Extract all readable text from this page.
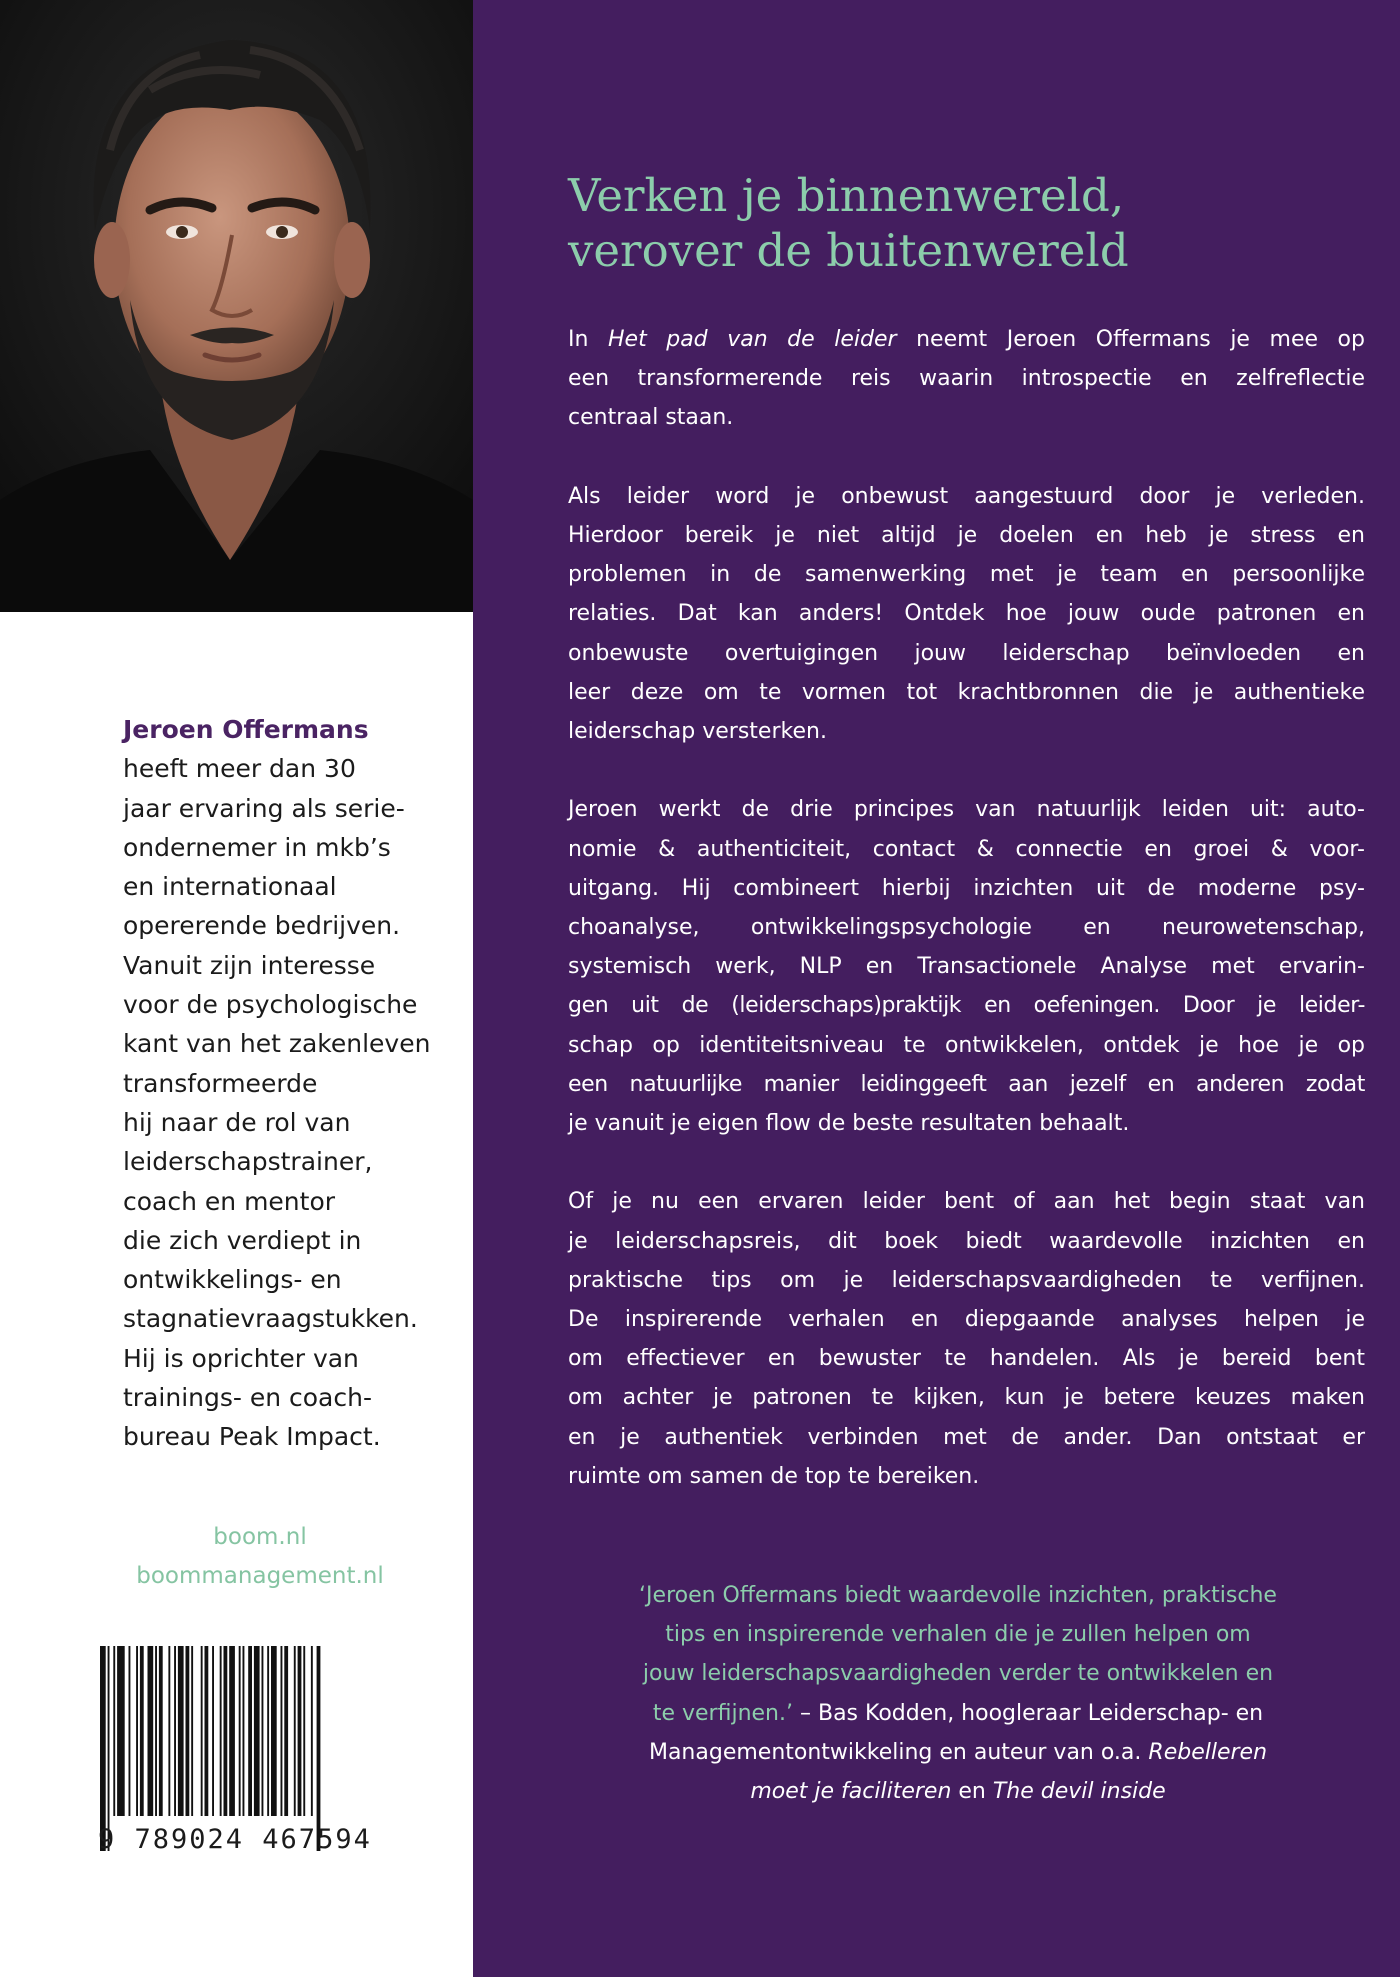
Jeroen Offermans
heeft meer dan 30
jaar ervaring als serie-
ondernemer in mkb’s
en internationaal
opererende bedrijven.
Vanuit zijn interesse
voor de psychologische
kant van het zakenleven
transformeerde
hij naar de rol van
leiderschapstrainer,
coach en mentor
die zich verdiept in
ontwikkelings- en
stagnatievraagstukken.
Hij is oprichter van
trainings- en coach-
bureau Peak Impact.
boom.nl
boommanagement.nl
9 789024 467594
Verken je binnenwereld,
verover de buitenwereld
In Het pad van de leider neemt Jeroen Offermans je mee op
een transformerende reis waarin introspectie en zelfreflectie
centraal staan.
Als leider word je onbewust aangestuurd door je verleden.
Hierdoor bereik je niet altijd je doelen en heb je stress en
problemen in de samenwerking met je team en persoonlijke
relaties. Dat kan anders! Ontdek hoe jouw oude patronen en
onbewuste overtuigingen jouw leiderschap beïnvloeden en
leer deze om te vormen tot krachtbronnen die je authentieke
leiderschap versterken.
Jeroen werkt de drie principes van natuurlijk leiden uit: auto-
nomie & authenticiteit, contact & connectie en groei & voor-
uitgang. Hij combineert hierbij inzichten uit de moderne psy-
choanalyse, ontwikkelingspsychologie en neurowetenschap,
systemisch werk, NLP en Transactionele Analyse met ervarin-
gen uit de (leiderschaps)praktijk en oefeningen. Door je leider-
schap op identiteitsniveau te ontwikkelen, ontdek je hoe je op
een natuurlijke manier leidinggeeft aan jezelf en anderen zodat
je vanuit je eigen flow de beste resultaten behaalt.
Of je nu een ervaren leider bent of aan het begin staat van
je leiderschapsreis, dit boek biedt waardevolle inzichten en
praktische tips om je leiderschapsvaardigheden te verfijnen.
De inspirerende verhalen en diepgaande analyses helpen je
om effectiever en bewuster te handelen. Als je bereid bent
om achter je patronen te kijken, kun je betere keuzes maken
en je authentiek verbinden met de ander. Dan ontstaat er
ruimte om samen de top te bereiken.
‘Jeroen Offermans biedt waardevolle inzichten, praktische
tips en inspirerende verhalen die je zullen helpen om
jouw leiderschapsvaardigheden verder te ontwikkelen en
te verfijnen.’ – Bas Kodden, hoogleraar Leiderschap- en
Managementontwikkeling en auteur van o.a. Rebelleren
moet je faciliteren en The devil inside
